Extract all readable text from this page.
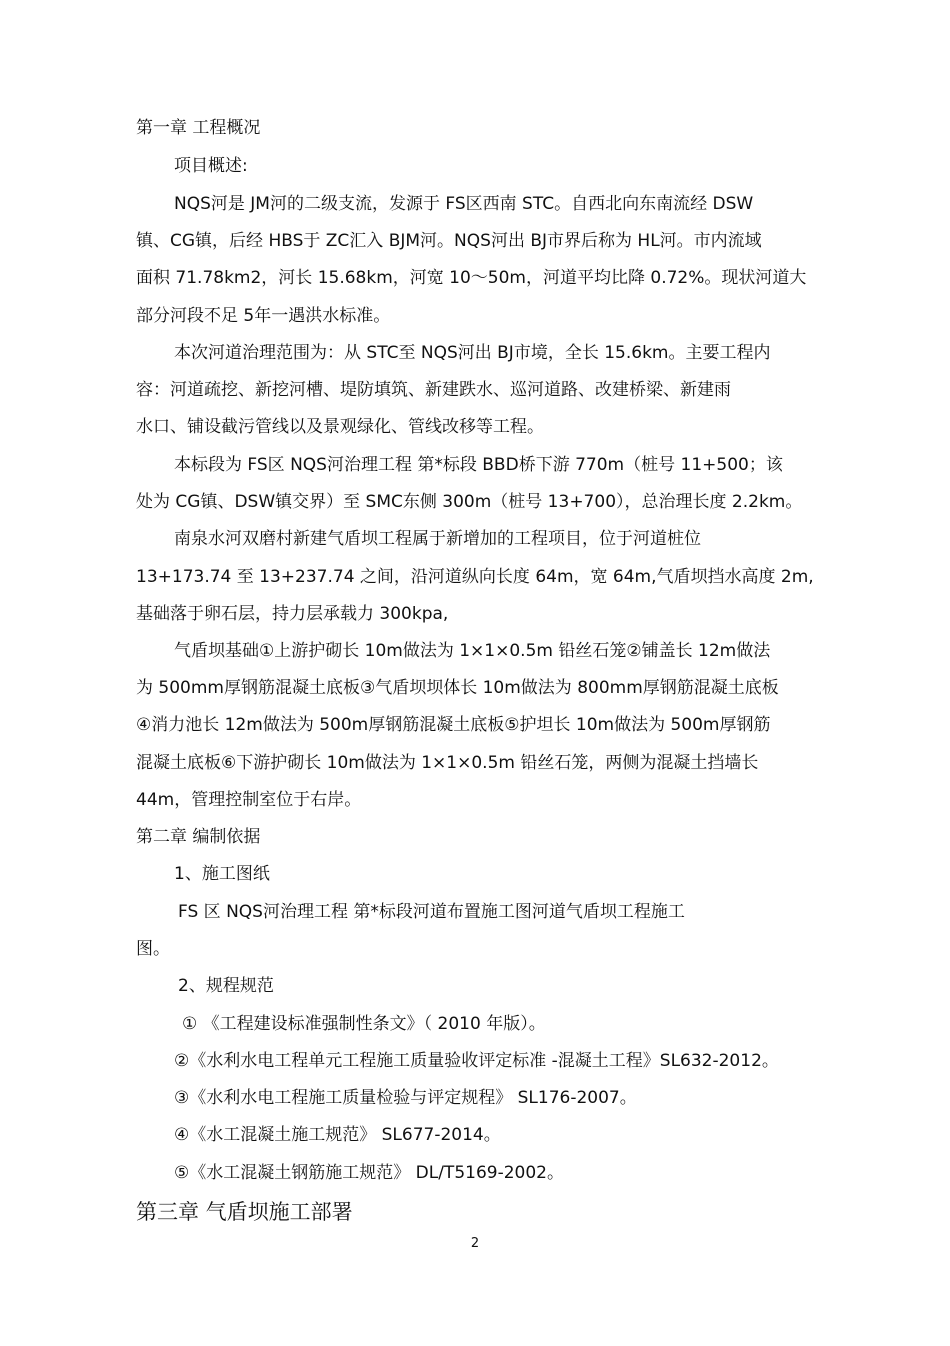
第一章 工程概况
项目概述:
NQS河是 JM河的二级支流，发源于 FS区西南 STC。自西北向东南流经 DSW
镇、CG镇，后经 HBS于 ZC汇入 BJM河。NQS河出 BJ市界后称为 HL河。市内流域
面积 71.78km2，河长 15.68km，河宽 10～50m，河道平均比降 0.72%。现状河道大
部分河段不足 5年一遇洪水标准。
本次河道治理范围为：从 STC至 NQS河出 BJ市境，全长 15.6km。主要工程内
容：河道疏挖、新挖河槽、堤防填筑、新建跌水、巡河道路、改建桥梁、新建雨
水口、铺设截污管线以及景观绿化、管线改移等工程。
本标段为 FS区 NQS河治理工程 第*标段 BBD桥下游 770m（桩号 11+500；该
处为 CG镇、DSW镇交界）至 SMC东侧 300m（桩号 13+700），总治理长度 2.2km。
南泉水河双磨村新建气盾坝工程属于新增加的工程项目，位于河道桩位
13+173.74 至 13+237.74 之间，沿河道纵向长度 64m，宽 64m,气盾坝挡水高度 2m,
基础落于卵石层，持力层承载力 300kpa,
气盾坝基础①上游护砌长 10m做法为 1×1×0.5m 铅丝石笼②铺盖长 12m做法
为 500mm厚钢筋混凝土底板③气盾坝坝体长 10m做法为 800mm厚钢筋混凝土底板
④消力池长 12m做法为 500m厚钢筋混凝土底板⑤护坦长 10m做法为 500m厚钢筋
混凝土底板⑥下游护砌长 10m做法为 1×1×0.5m 铅丝石笼，两侧为混凝土挡墙长
44m，管理控制室位于右岸。
第二章 编制依据
1、施工图纸
FS 区 NQS河治理工程 第*标段河道布置施工图河道气盾坝工程施工
图。
2、规程规范
① 《工程建设标准强制性条文》（ 2010 年版）。
②《水利水电工程单元工程施工质量验收评定标准 -混凝土工程》SL632-2012。
③《水利水电工程施工质量检验与评定规程》 SL176-2007。
④《水工混凝土施工规范》 SL677-2014。
⑤《水工混凝土钢筋施工规范》 DL/T5169-2002。
第三章 气盾坝施工部署
2
